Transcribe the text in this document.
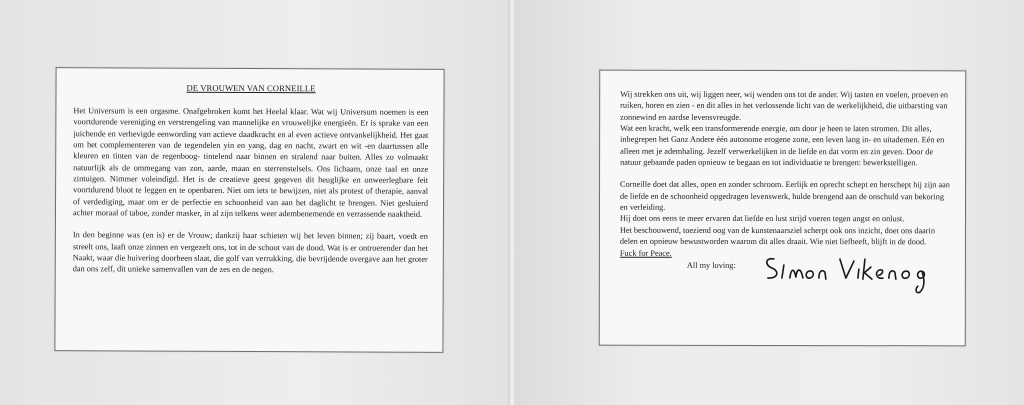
DE VROUWEN VAN CORNEILLE

Het Universum is een orgasme. Onafgebroken komt het Heelal klaar. Wat wij Universum noemen is een voortdurende vereniging en verstrengeling van mannelijke en vrouwelijke energieën. Er is sprake van een juichende en verhevigde eenwording van actieve daadkracht en al even actieve ontvankelijkheid. Het gaat om het complementeren van de tegendelen yin en yang, dag en nacht, zwart en wit -en daartussen alle kleuren en tinten van de regenboog- tintelend naar binnen en stralend naar buiten. Alles zo volmaakt natuurlijk als de ommegang van zon, aarde, maan en sterrenstelsels. Ons lichaam, onze taal en onze zintuigen. Nimmer voleindigd. Het is de creatieve geest gegeven dit heuglijke en onweerlegbare feit voortdurend bloot te leggen en te openbaren. Niet om iets te bewijzen, niet als protest of therapie, aanval of verdediging, maar om er de perfectie en schoonheid van aan het daglicht te brengen. Niet gesluierd achter moraal of taboe, zonder masker, in al zijn telkens weer adembenemende en verrassende naaktheid.

In den beginne was (en is) er de Vrouw; dankzij haar schieten wij het leven binnen; zij baart, voedt en streelt ons, laaft onze zinnen en vergezelt ons, tot in de schoot van de dood. Wat is er ontroerender dan het Naakt, waar die huivering doorheen slaat, die golf van verrukking, die bevrijdende overgave aan het groter dan ons zelf, dit unieke samenvallen van de zes en de negen.

Wij strekken ons uit, wij liggen neer, wij wenden ons tot de ander. Wij tasten en voelen, proeven en ruiken, horen en zien - en dit alles in het verlossende licht van de werkelijkheid, die uitbarsting van zonnewind en aardse levensvreugde.

Wat een kracht, welk een transformerende energie, om door je heen te laten stromen. Dit alles, inbegrepen het Ganz Andere één autonome erogene zone, een leven lang in- en uitademen. Eén en alleen met je ademhaling. Jezelf verwerkelijken in de liefde en dat vorm en zin geven. Door de natuur gebaande paden opnieuw te begaan en tot individuatie te brengen: bewerkstelligen.

Corneille doet dat alles, open en zonder schroom. Eerlijk en oprecht schept en herschept hij zijn aan de liefde en de schoonheid opgedragen levenswerk, hulde brengend aan de onschuld van bekoring en verleiding.

Hij doet ons eens te meer ervaren dat liefde en lust strijd voeren tegen angst en onlust.

Het beschouwend, toeziend oog van de kunstenaarsziel scherpt ook ons inzicht, doet ons daarin delen en opnieuw bewustworden waarom dit alles draait. Wie niet liefheeft, blijft in de dood.

Fuck for Peace.
All my loving:
